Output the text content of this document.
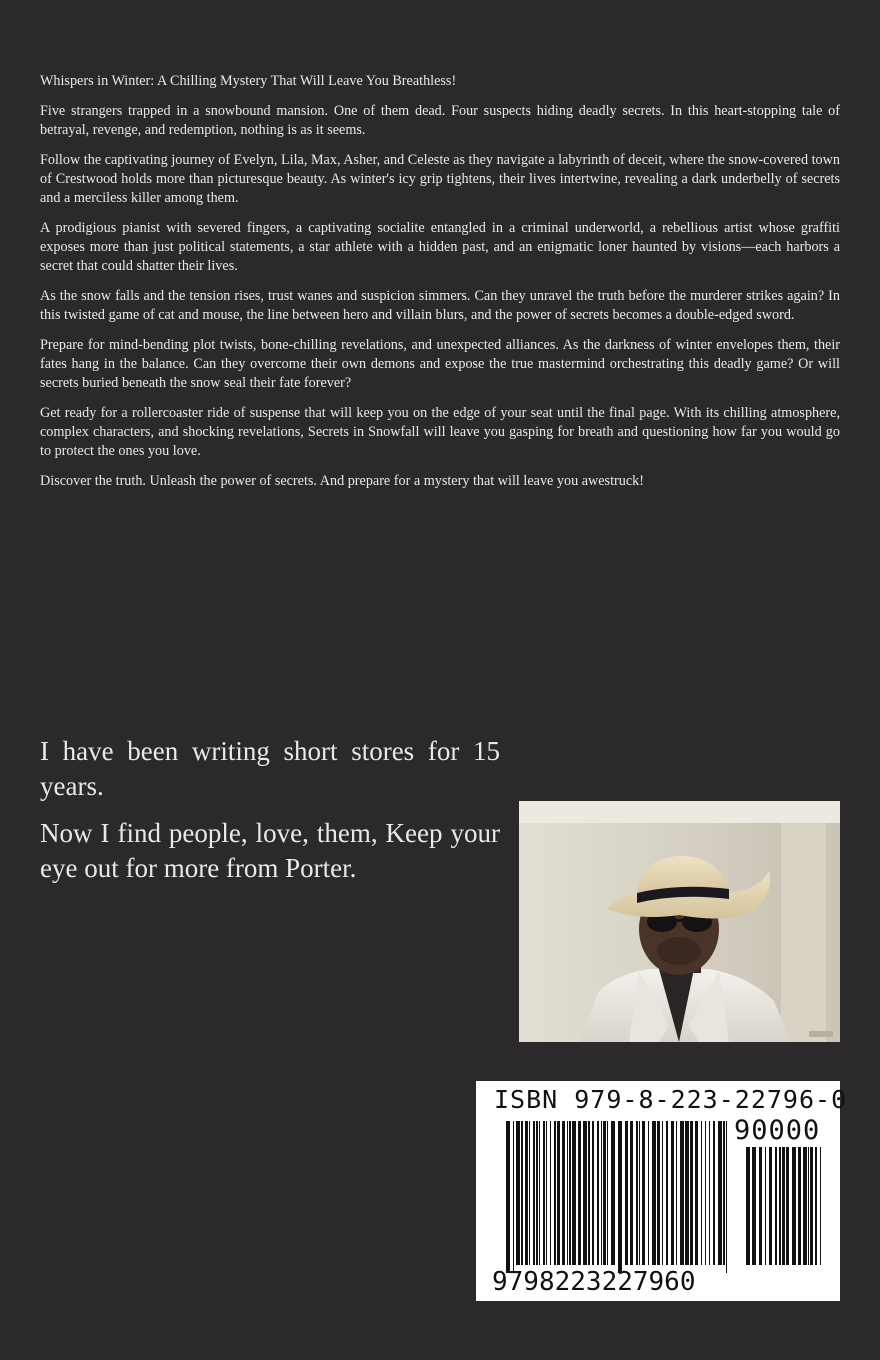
Whispers in Winter: A Chilling Mystery That Will Leave You Breathless!

Five strangers trapped in a snowbound mansion. One of them dead. Four suspects hiding deadly secrets. In this heart-stopping tale of betrayal, revenge, and redemption, nothing is as it seems.

Follow the captivating journey of Evelyn, Lila, Max, Asher, and Celeste as they navigate a labyrinth of deceit, where the snow-covered town of Crestwood holds more than picturesque beauty. As winter's icy grip tightens, their lives intertwine, revealing a dark underbelly of secrets and a merciless killer among them.

A prodigious pianist with severed fingers, a captivating socialite entangled in a criminal underworld, a rebellious artist whose graffiti exposes more than just political statements, a star athlete with a hidden past, and an enigmatic loner haunted by visions—each harbors a secret that could shatter their lives.

As the snow falls and the tension rises, trust wanes and suspicion simmers. Can they unravel the truth before the murderer strikes again? In this twisted game of cat and mouse, the line between hero and villain blurs, and the power of secrets becomes a double-edged sword.

Prepare for mind-bending plot twists, bone-chilling revelations, and unexpected alliances. As the darkness of winter envelopes them, their fates hang in the balance. Can they overcome their own demons and expose the true mastermind orchestrating this deadly game? Or will secrets buried beneath the snow seal their fate forever?

Get ready for a rollercoaster ride of suspense that will keep you on the edge of your seat until the final page. With its chilling atmosphere, complex characters, and shocking revelations, Secrets in Snowfall will leave you gasping for breath and questioning how far you would go to protect the ones you love.

Discover the truth. Unleash the power of secrets. And prepare for a mystery that will leave you awestruck!

I have been writing short stores for 15 years.

Now I find people, love, them, Keep your eye out for more from Porter.

ISBN 979-8-223-22796-0
90000
9798223227960
